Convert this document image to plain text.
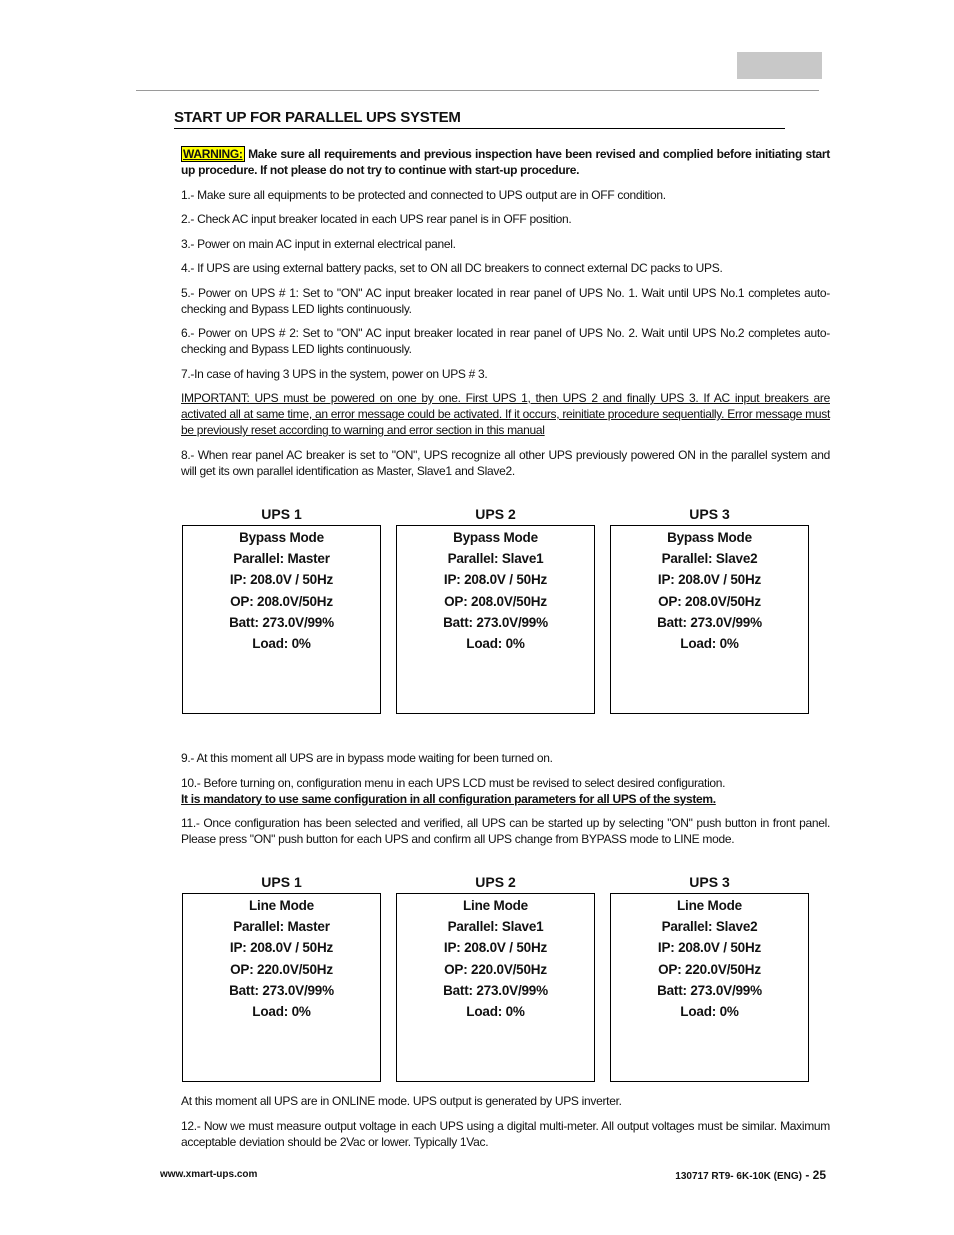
START UP FOR PARALLEL UPS SYSTEM

WARNING: Make sure all requirements and previous inspection have been revised and complied before initiating start up procedure. If not please do not try to continue with start-up procedure.

1.- Make sure all equipments to be protected and connected to UPS output are in OFF condition.

2.- Check AC input breaker located in each UPS rear panel is in OFF position.

3.- Power on main AC input in external electrical panel.

4.- If UPS are using external battery packs, set to ON all DC breakers to connect external DC packs to UPS.

5.- Power on UPS # 1: Set to "ON" AC input breaker located in rear panel of UPS No. 1. Wait until UPS No.1 completes auto-checking and Bypass LED lights continuously.

6.- Power on UPS # 2: Set to "ON" AC input breaker located in rear panel of UPS No. 2. Wait until UPS No.2 completes auto-checking and Bypass LED lights continuously.

7.-In case of having 3 UPS in the system, power on UPS # 3.

IMPORTANT: UPS must be powered on one by one. First UPS 1, then UPS 2 and finally UPS 3. If AC input breakers are activated all at same time, an error message could be activated. If it occurs, reinitiate procedure sequentially. Error message must be previously reset according to warning and error section in this manual

8.- When rear panel AC breaker is set to "ON", UPS recognize all other UPS previously powered ON in the parallel system and will get its own parallel identification as Master, Slave1 and Slave2.

UPS 1
Bypass Mode
Parallel: Master
IP: 208.0V / 50Hz
OP: 208.0V/50Hz
Batt: 273.0V/99%
Load: 0%
UPS 2
Bypass Mode
Parallel: Slave1
IP: 208.0V / 50Hz
OP: 208.0V/50Hz
Batt: 273.0V/99%
Load: 0%
UPS 3
Bypass Mode
Parallel: Slave2
IP: 208.0V / 50Hz
OP: 208.0V/50Hz
Batt: 273.0V/99%
Load: 0%

9.- At this moment all UPS are in bypass mode waiting for been turned on.

10.- Before turning on, configuration menu in each UPS LCD must be revised to select desired configuration.

It is mandatory to use same configuration in all configuration parameters for all UPS of the system.

11.- Once configuration has been selected and verified, all UPS can be started up by selecting "ON" push button in front panel. Please press "ON" push button for each UPS and confirm all UPS change from BYPASS mode to LINE mode.

UPS 1
Line Mode
Parallel: Master
IP: 208.0V / 50Hz
OP: 220.0V/50Hz
Batt: 273.0V/99%
Load: 0%
UPS 2
Line Mode
Parallel: Slave1
IP: 208.0V / 50Hz
OP: 220.0V/50Hz
Batt: 273.0V/99%
Load: 0%
UPS 3
Line Mode
Parallel: Slave2
IP: 208.0V / 50Hz
OP: 220.0V/50Hz
Batt: 273.0V/99%
Load: 0%

At this moment all UPS are in ONLINE mode. UPS output is generated by UPS inverter.

12.- Now we must measure output voltage in each UPS using a digital multi-meter. All output voltages must be similar. Maximum acceptable deviation should be 2Vac or lower. Typically 1Vac.

www.xmart-ups.com	130717 RT9- 6K-10K (ENG) - 25
